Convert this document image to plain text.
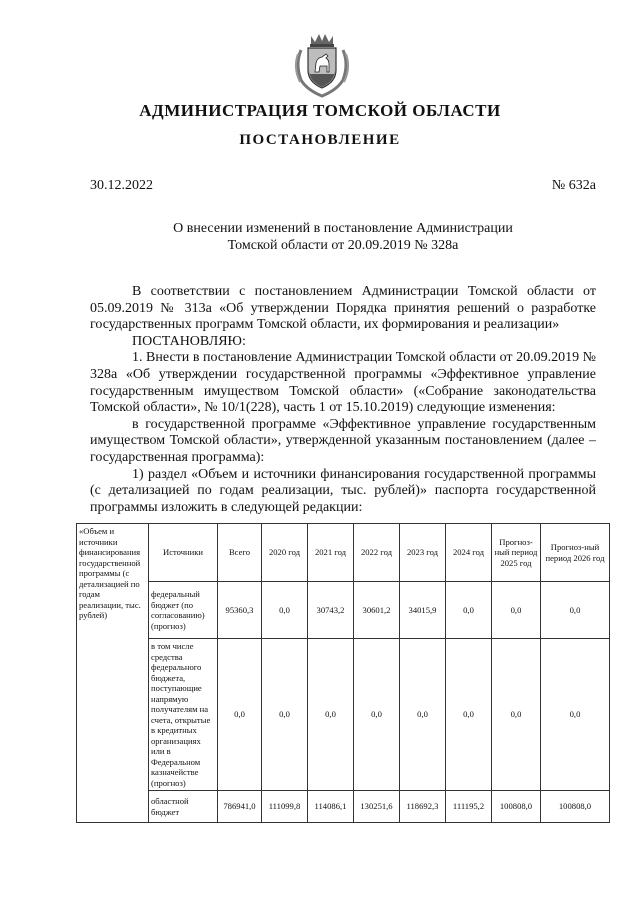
АДМИНИСТРАЦИЯ ТОМСКОЙ ОБЛАСТИ
ПОСТАНОВЛЕНИЕ
30.12.2022	№ 632а
О внесении изменений в постановление Администрации
Томской области от 20.09.2019 № 328а

В соответствии с постановлением Администрации Томской области от 05.09.2019 № 313а «Об утверждении Порядка принятия решений о разработке государственных программ Томской области, их формирования и реализации»

ПОСТАНОВЛЯЮ:

1. Внести в постановление Администрации Томской области от 20.09.2019 № 328а «Об утверждении государственной программы «Эффективное управление государственным имуществом Томской области» («Собрание законодательства Томской области», № 10/1(228), часть 1 от 15.10.2019) следующие изменения:

в государственной программе «Эффективное управление государственным имуществом Томской области», утвержденной указанным постановлением (далее – государственная программа):

1) раздел «Объем и источники финансирования государственной программы (с детализацией по годам реализации, тыс. рублей)» паспорта государственной программы изложить в следующей редакции:

«Объем и источники финансирования государственной программы (с детализацией по годам реализации, тыс. рублей)	Источники	Всего	2020 год	2021 год	2022 год	2023 год	2024 год	Прогноз-ный период 2025 год	Прогноз-ный период 2026 год
	федеральный бюджет (по согласованию) (прогноз)	95360,3	0,0	30743,2	30601,2	34015,9	0,0	0,0	0,0
	в том числе средства федерального бюджета, поступающие напрямую получателям на счета, открытые в кредитных организациях или в Федеральном казначействе (прогноз)	0,0	0,0	0,0	0,0	0,0	0,0	0,0	0,0
	областной бюджет	786941,0	111099,8	114086,1	130251,6	118692,3	111195,2	100808,0	100808,0
